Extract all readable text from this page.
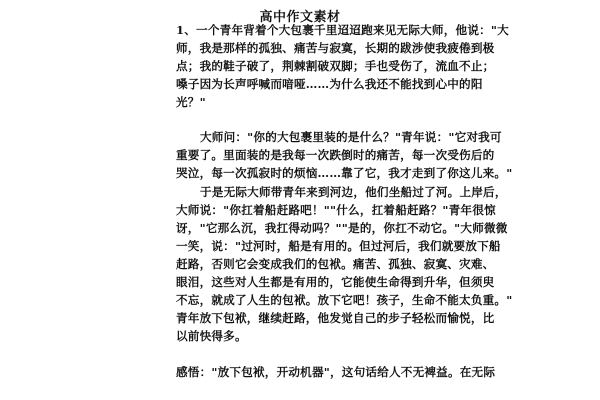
高中作文素材
1、一个青年背着个大包裹千里迢迢跑来见无际大师，他说："大
师，我是那样的孤独、痛苦与寂寞，长期的跋涉使我疲倦到极
点；我的鞋子破了，荆棘割破双脚；手也受伤了，流血不止；
嗓子因为长声呼喊而喑哑……为什么我还不能找到心中的阳
光？"
大师问："你的大包裹里装的是什么？"青年说："它对我可
重要了。里面装的是我每一次跌倒时的痛苦，每一次受伤后的
哭泣，每一次孤寂时的烦恼……靠了它，我才走到了你这儿来。"
于是无际大师带青年来到河边，他们坐船过了河。上岸后，
大师说："你扛着船赶路吧！""什么，扛着船赶路？"青年很惊
讶，"它那么沉，我扛得动吗？""是的，你扛不动它。"大师微微
一笑，说："过河时，船是有用的。但过河后，我们就要放下船
赶路，否则它会变成我们的包袱。痛苦、孤独、寂寞、灾难、
眼泪，这些对人生都是有用的，它能使生命得到升华，但须臾
不忘，就成了人生的包袱。放下它吧！孩子，生命不能太负重。"
青年放下包袱，继续赶路，他发觉自己的步子轻松而愉悦，比
以前快得多。
感悟："放下包袱，开动机器"，这句话给人不无裨益。在无际
